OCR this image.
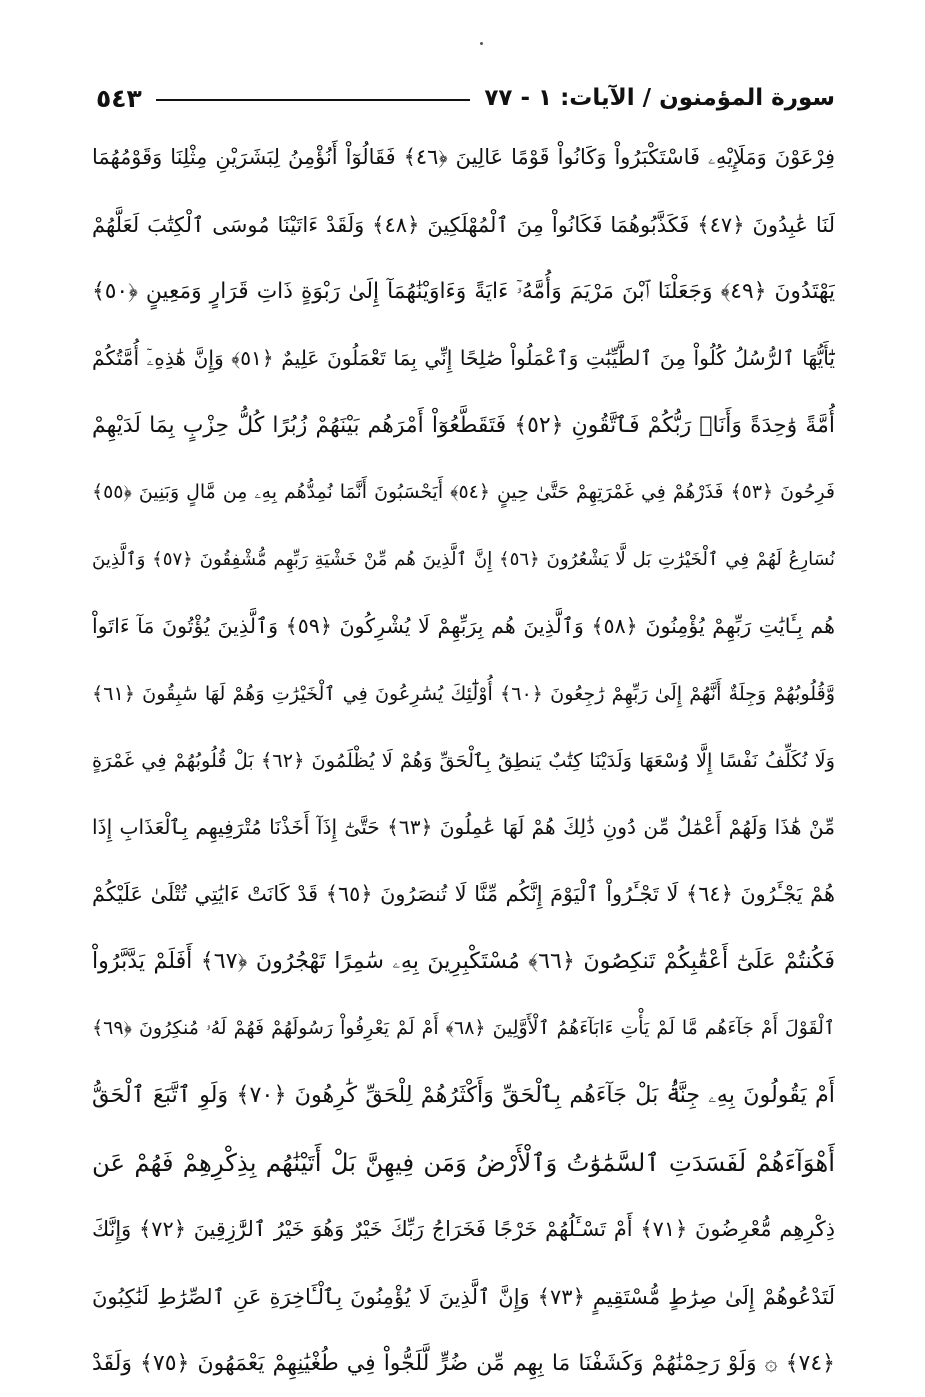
سورة المؤمنون / الآيات: ١ - ٧٧
٥٤٣
فِرْعَوْنَ وَمَلَإِيْهِۦ فَاسْتَكْبَرُواْ وَكَانُواْ قَوْمًا عَالِينَ ﴿٤٦﴾ فَقَالُوٓاْ أَنُؤْمِنُ لِبَشَرَيْنِ مِثْلِنَا وَقَوْمُهُمَا
لَنَا عَٰبِدُونَ ﴿٤٧﴾ فَكَذَّبُوهُمَا فَكَانُواْ مِنَ ٱلْمُهْلَكِينَ ﴿٤٨﴾ وَلَقَدْ ءَاتَيْنَا مُوسَى ٱلْكِتَٰبَ لَعَلَّهُمْ
يَهْتَدُونَ ﴿٤٩﴾ وَجَعَلْنَا ٱبْنَ مَرْيَمَ وَأُمَّهُۥٓ ءَايَةً وَءَاوَيْنَٰهُمَآ إِلَىٰ رَبْوَةٍ ذَاتِ قَرَارٍ وَمَعِينٍ ﴿٥٠﴾
يَٰٓأَيُّهَا ٱلرُّسُلُ كُلُواْ مِنَ ٱلطَّيِّبَٰتِ وَٱعْمَلُواْ صَٰلِحًا إِنِّي بِمَا تَعْمَلُونَ عَلِيمٌ ﴿٥١﴾ وَإِنَّ هَٰذِهِۦٓ أُمَّتُكُمْ
أُمَّةً وَٰحِدَةً وَأَنَا۠ رَبُّكُمْ فَٱتَّقُونِ ﴿٥٢﴾ فَتَقَطَّعُوٓاْ أَمْرَهُم بَيْنَهُمْ زُبُرًا كُلُّ حِزْبٍ بِمَا لَدَيْهِمْ
فَرِحُونَ ﴿٥٣﴾ فَذَرْهُمْ فِي غَمْرَتِهِمْ حَتَّىٰ حِينٍ ﴿٥٤﴾ أَيَحْسَبُونَ أَنَّمَا نُمِدُّهُم بِهِۦ مِن مَّالٍ وَبَنِينَ ﴿٥٥﴾
نُسَارِعُ لَهُمْ فِي ٱلْخَيْرَٰتِ بَل لَّا يَشْعُرُونَ ﴿٥٦﴾ إِنَّ ٱلَّذِينَ هُم مِّنْ خَشْيَةِ رَبِّهِم مُّشْفِقُونَ ﴿٥٧﴾ وَٱلَّذِينَ
هُم بِـَٔايَٰتِ رَبِّهِمْ يُؤْمِنُونَ ﴿٥٨﴾ وَٱلَّذِينَ هُم بِرَبِّهِمْ لَا يُشْرِكُونَ ﴿٥٩﴾ وَٱلَّذِينَ يُؤْتُونَ مَآ ءَاتَواْ
وَّقُلُوبُهُمْ وَجِلَةٌ أَنَّهُمْ إِلَىٰ رَبِّهِمْ رَٰجِعُونَ ﴿٦٠﴾ أُوْلَٰٓئِكَ يُسَٰرِعُونَ فِي ٱلْخَيْرَٰتِ وَهُمْ لَهَا سَٰبِقُونَ ﴿٦١﴾
وَلَا نُكَلِّفُ نَفْسًا إِلَّا وُسْعَهَا وَلَدَيْنَا كِتَٰبٌ يَنطِقُ بِٱلْحَقِّ وَهُمْ لَا يُظْلَمُونَ ﴿٦٢﴾ بَلْ قُلُوبُهُمْ فِي غَمْرَةٍ
مِّنْ هَٰذَا وَلَهُمْ أَعْمَٰلٌ مِّن دُونِ ذَٰلِكَ هُمْ لَهَا عَٰمِلُونَ ﴿٦٣﴾ حَتَّىٰٓ إِذَآ أَخَذْنَا مُتْرَفِيهِم بِٱلْعَذَابِ إِذَا
هُمْ يَجْـَٔرُونَ ﴿٦٤﴾ لَا تَجْـَٔرُواْ ٱلْيَوْمَ إِنَّكُم مِّنَّا لَا تُنصَرُونَ ﴿٦٥﴾ قَدْ كَانَتْ ءَايَٰتِي تُتْلَىٰ عَلَيْكُمْ
فَكُنتُمْ عَلَىٰٓ أَعْقَٰبِكُمْ تَنكِصُونَ ﴿٦٦﴾ مُسْتَكْبِرِينَ بِهِۦ سَٰمِرًا تَهْجُرُونَ ﴿٦٧﴾ أَفَلَمْ يَدَّبَّرُواْ
ٱلْقَوْلَ أَمْ جَآءَهُم مَّا لَمْ يَأْتِ ءَابَآءَهُمُ ٱلْأَوَّلِينَ ﴿٦٨﴾ أَمْ لَمْ يَعْرِفُواْ رَسُولَهُمْ فَهُمْ لَهُۥ مُنكِرُونَ ﴿٦٩﴾
أَمْ يَقُولُونَ بِهِۦ جِنَّةُۢ بَلْ جَآءَهُم بِٱلْحَقِّ وَأَكْثَرُهُمْ لِلْحَقِّ كَٰرِهُونَ ﴿٧٠﴾ وَلَوِ ٱتَّبَعَ ٱلْحَقُّ
أَهْوَآءَهُمْ لَفَسَدَتِ ٱلسَّمَٰوَٰتُ وَٱلْأَرْضُ وَمَن فِيهِنَّ بَلْ أَتَيْنَٰهُم بِذِكْرِهِمْ فَهُمْ عَن
ذِكْرِهِم مُّعْرِضُونَ ﴿٧١﴾ أَمْ تَسْـَٔلُهُمْ خَرْجًا فَخَرَاجُ رَبِّكَ خَيْرٌ وَهُوَ خَيْرُ ٱلرَّٰزِقِينَ ﴿٧٢﴾ وَإِنَّكَ
لَتَدْعُوهُمْ إِلَىٰ صِرَٰطٍ مُّسْتَقِيمٍ ﴿٧٣﴾ وَإِنَّ ٱلَّذِينَ لَا يُؤْمِنُونَ بِٱلْـَٔاخِرَةِ عَنِ ٱلصِّرَٰطِ لَنَٰكِبُونَ
﴿٧٤﴾ ۞ وَلَوْ رَحِمْنَٰهُمْ وَكَشَفْنَا مَا بِهِم مِّن ضُرٍّ لَّلَجُّواْ فِي طُغْيَٰنِهِمْ يَعْمَهُونَ ﴿٧٥﴾ وَلَقَدْ
